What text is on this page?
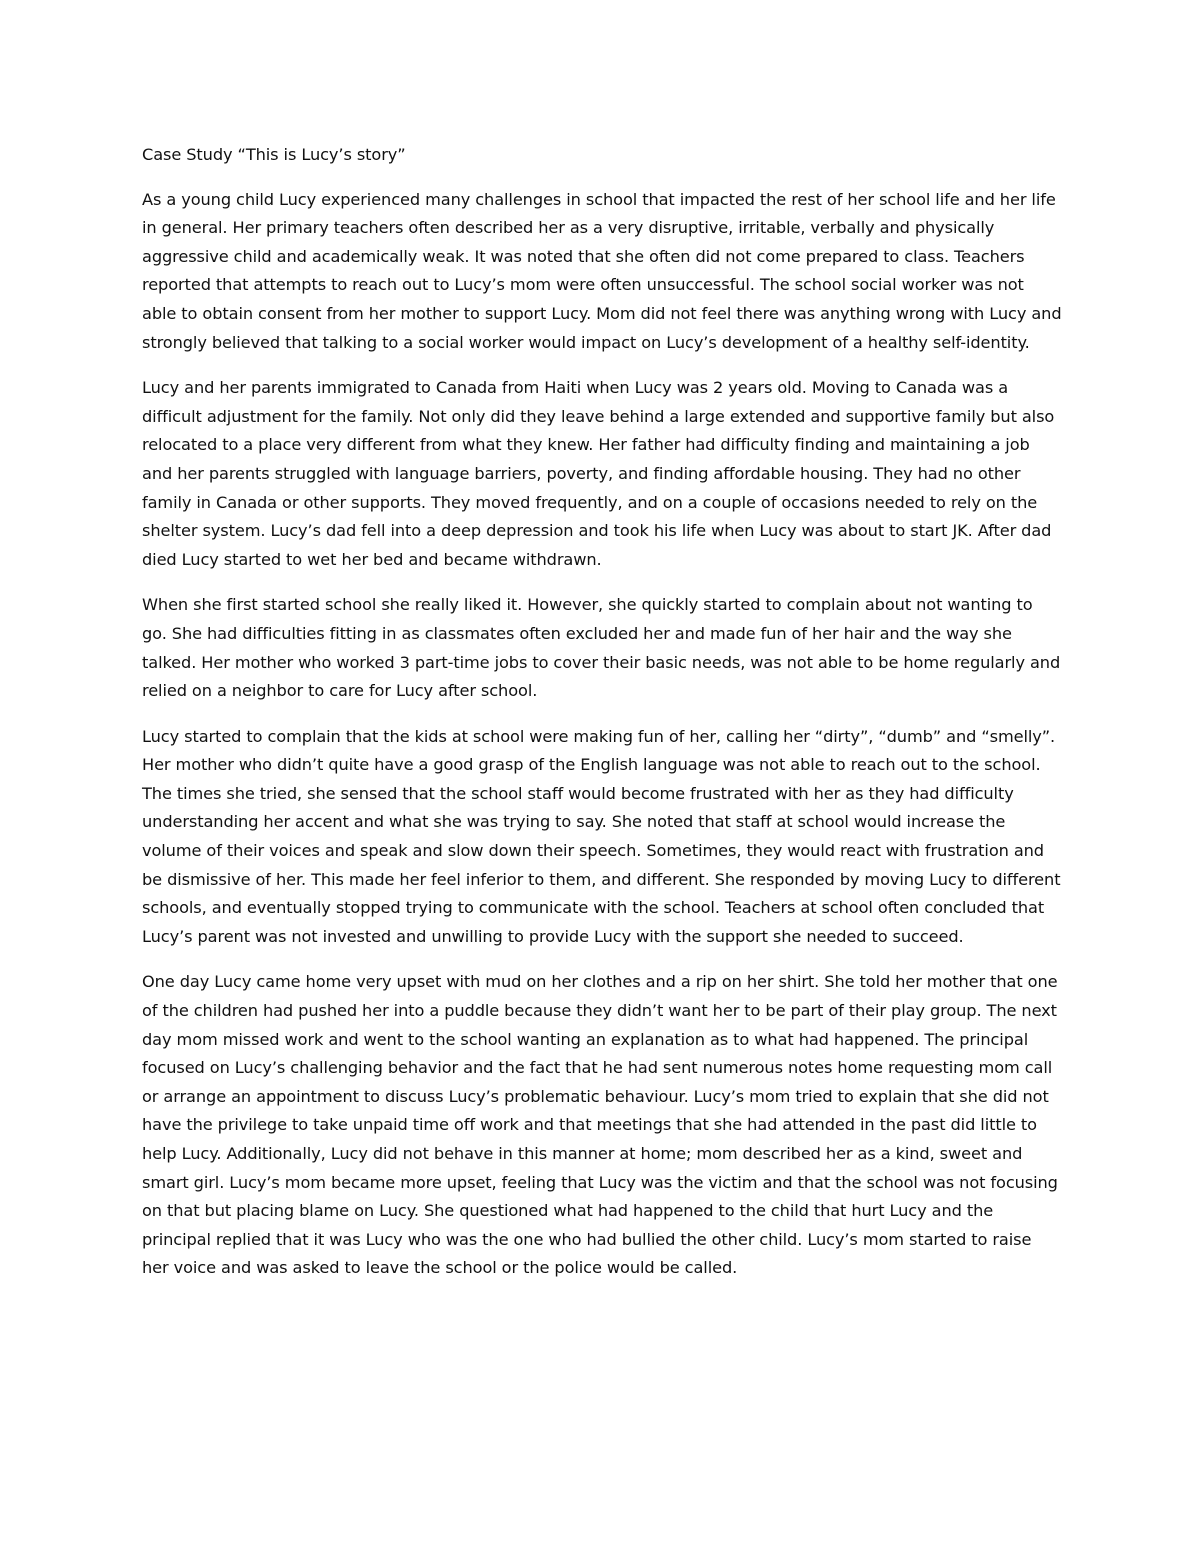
Case Study “This is Lucy’s story”

As a young child Lucy experienced many challenges in school that impacted the rest of her school life and her life in general. Her primary teachers often described her as a very disruptive, irritable, verbally and physically aggressive child and academically weak. It was noted that she often did not come prepared to class. Teachers reported that attempts to reach out to Lucy’s mom were often unsuccessful. The school social worker was not able to obtain consent from her mother to support Lucy. Mom did not feel there was anything wrong with Lucy and strongly believed that talking to a social worker would impact on Lucy’s development of a healthy self-identity.

Lucy and her parents immigrated to Canada from Haiti when Lucy was 2 years old. Moving to Canada was a difficult adjustment for the family. Not only did they leave behind a large extended and supportive family but also relocated to a place very different from what they knew. Her father had difficulty finding and maintaining a job and her parents struggled with language barriers, poverty, and finding affordable housing. They had no other family in Canada or other supports. They moved frequently, and on a couple of occasions needed to rely on the shelter system. Lucy’s dad fell into a deep depression and took his life when Lucy was about to start JK. After dad died Lucy started to wet her bed and became withdrawn.

When she first started school she really liked it. However, she quickly started to complain about not wanting to go. She had difficulties fitting in as classmates often excluded her and made fun of her hair and the way she talked. Her mother who worked 3 part-time jobs to cover their basic needs, was not able to be home regularly and relied on a neighbor to care for Lucy after school.

Lucy started to complain that the kids at school were making fun of her, calling her “dirty”, “dumb” and “smelly”. Her mother who didn’t quite have a good grasp of the English language was not able to reach out to the school. The times she tried, she sensed that the school staff would become frustrated with her as they had difficulty understanding her accent and what she was trying to say. She noted that staff at school would increase the volume of their voices and speak and slow down their speech. Sometimes, they would react with frustration and be dismissive of her. This made her feel inferior to them, and different. She responded by moving Lucy to different schools, and eventually stopped trying to communicate with the school. Teachers at school often concluded that Lucy’s parent was not invested and unwilling to provide Lucy with the support she needed to succeed.

One day Lucy came home very upset with mud on her clothes and a rip on her shirt. She told her mother that one of the children had pushed her into a puddle because they didn’t want her to be part of their play group. The next day mom missed work and went to the school wanting an explanation as to what had happened. The principal focused on Lucy’s challenging behavior and the fact that he had sent numerous notes home requesting mom call or arrange an appointment to discuss Lucy’s problematic behaviour. Lucy’s mom tried to explain that she did not have the privilege to take unpaid time off work and that meetings that she had attended in the past did little to help Lucy. Additionally, Lucy did not behave in this manner at home; mom described her as a kind, sweet and smart girl. Lucy’s mom became more upset, feeling that Lucy was the victim and that the school was not focusing on that but placing blame on Lucy. She questioned what had happened to the child that hurt Lucy and the principal replied that it was Lucy who was the one who had bullied the other child. Lucy’s mom started to raise her voice and was asked to leave the school or the police would be called.
